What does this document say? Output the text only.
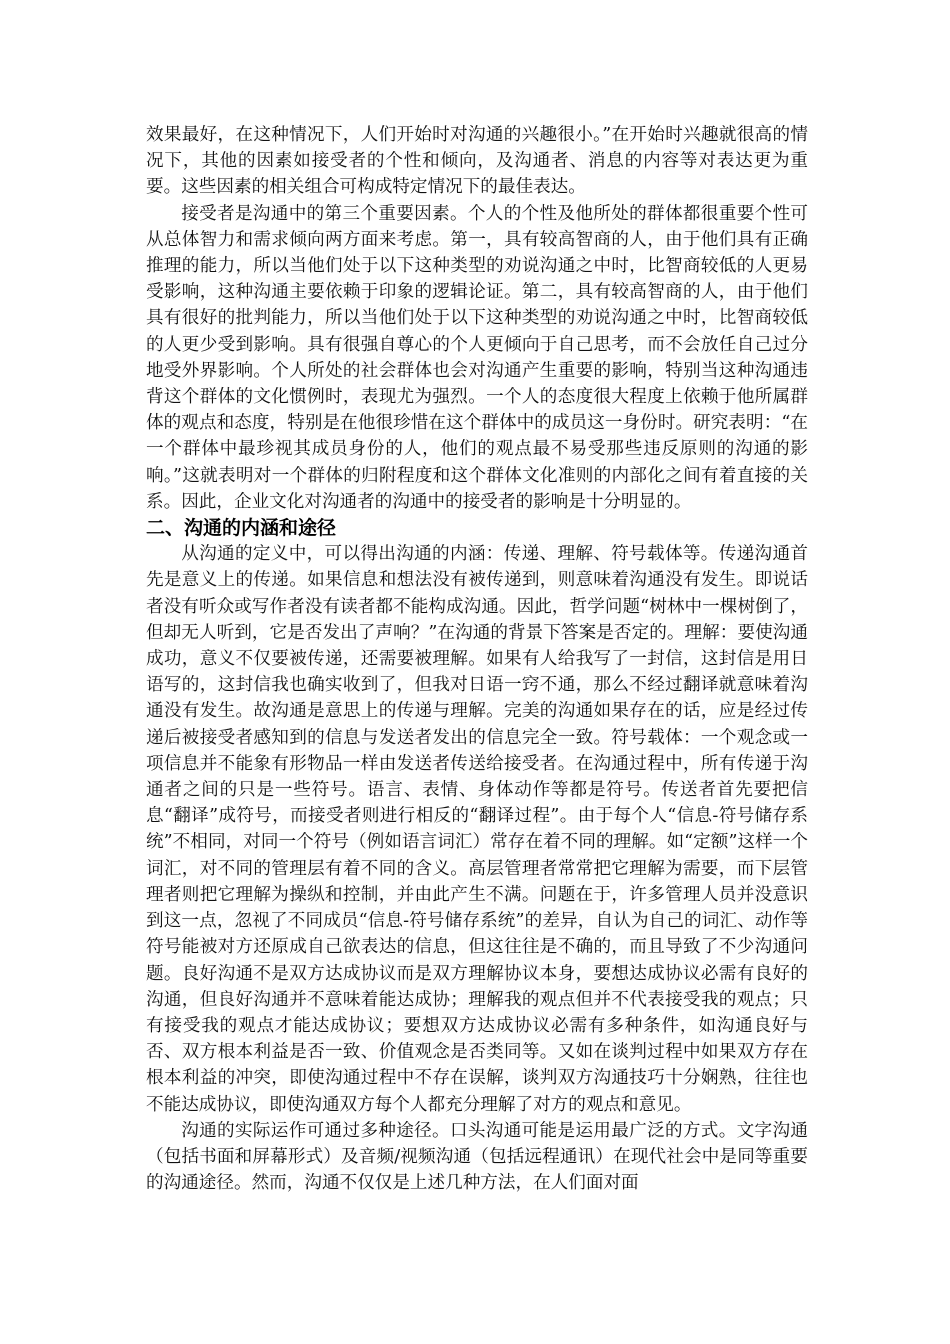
效果最好，在这种情况下，人们开始时对沟通的兴趣很小。”在开始时兴趣就很高的情况下，其他的因素如接受者的个性和倾向，及沟通者、消息的内容等对表达更为重要。这些因素的相关组合可构成特定情况下的最佳表达。

接受者是沟通中的第三个重要因素。个人的个性及他所处的群体都很重要个性可从总体智力和需求倾向两方面来考虑。第一，具有较高智商的人，由于他们具有正确推理的能力，所以当他们处于以下这种类型的劝说沟通之中时，比智商较低的人更易受影响，这种沟通主要依赖于印象的逻辑论证。第二，具有较高智商的人，由于他们具有很好的批判能力，所以当他们处于以下这种类型的劝说沟通之中时，比智商较低的人更少受到影响。具有很强自尊心的个人更倾向于自己思考，而不会放任自己过分地受外界影响。个人所处的社会群体也会对沟通产生重要的影响，特别当这种沟通违背这个群体的文化惯例时，表现尤为强烈。一个人的态度很大程度上依赖于他所属群体的观点和态度，特别是在他很珍惜在这个群体中的成员这一身份时。研究表明：“在一个群体中最珍视其成员身份的人，他们的观点最不易受那些违反原则的沟通的影响。”这就表明对一个群体的归附程度和这个群体文化准则的内部化之间有着直接的关系。因此，企业文化对沟通者的沟通中的接受者的影响是十分明显的。

二、沟通的内涵和途径

从沟通的定义中，可以得出沟通的内涵：传递、理解、符号载体等。传递沟通首先是意义上的传递。如果信息和想法没有被传递到，则意味着沟通没有发生。即说话者没有听众或写作者没有读者都不能构成沟通。因此，哲学问题“树林中一棵树倒了，但却无人听到，它是否发出了声响？”在沟通的背景下答案是否定的。理解：要使沟通成功，意义不仅要被传递，还需要被理解。如果有人给我写了一封信，这封信是用日语写的，这封信我也确实收到了，但我对日语一窍不通，那么不经过翻译就意味着沟通没有发生。故沟通是意思上的传递与理解。完美的沟通如果存在的话，应是经过传递后被接受者感知到的信息与发送者发出的信息完全一致。符号载体：一个观念或一项信息并不能象有形物品一样由发送者传送给接受者。在沟通过程中，所有传递于沟通者之间的只是一些符号。语言、表情、身体动作等都是符号。传送者首先要把信息“翻译”成符号，而接受者则进行相反的“翻译过程”。由于每个人“信息-符号储存系统”不相同，对同一个符号（例如语言词汇）常存在着不同的理解。如“定额”这样一个词汇，对不同的管理层有着不同的含义。高层管理者常常把它理解为需要，而下层管理者则把它理解为操纵和控制，并由此产生不满。问题在于，许多管理人员并没意识到这一点，忽视了不同成员“信息-符号储存系统”的差异，自认为自己的词汇、动作等符号能被对方还原成自己欲表达的信息，但这往往是不确的，而且导致了不少沟通问题。良好沟通不是双方达成协议而是双方理解协议本身，要想达成协议必需有良好的沟通，但良好沟通并不意味着能达成协；理解我的观点但并不代表接受我的观点；只有接受我的观点才能达成协议；要想双方达成协议必需有多种条件，如沟通良好与否、双方根本利益是否一致、价值观念是否类同等。又如在谈判过程中如果双方存在根本利益的冲突，即使沟通过程中不存在误解，谈判双方沟通技巧十分娴熟，往往也不能达成协议，即使沟通双方每个人都充分理解了对方的观点和意见。

沟通的实际运作可通过多种途径。口头沟通可能是运用最广泛的方式。文字沟通（包括书面和屏幕形式）及音频/视频沟通（包括远程通讯）在现代社会中是同等重要的沟通途径。然而，沟通不仅仅是上述几种方法，在人们面对面
